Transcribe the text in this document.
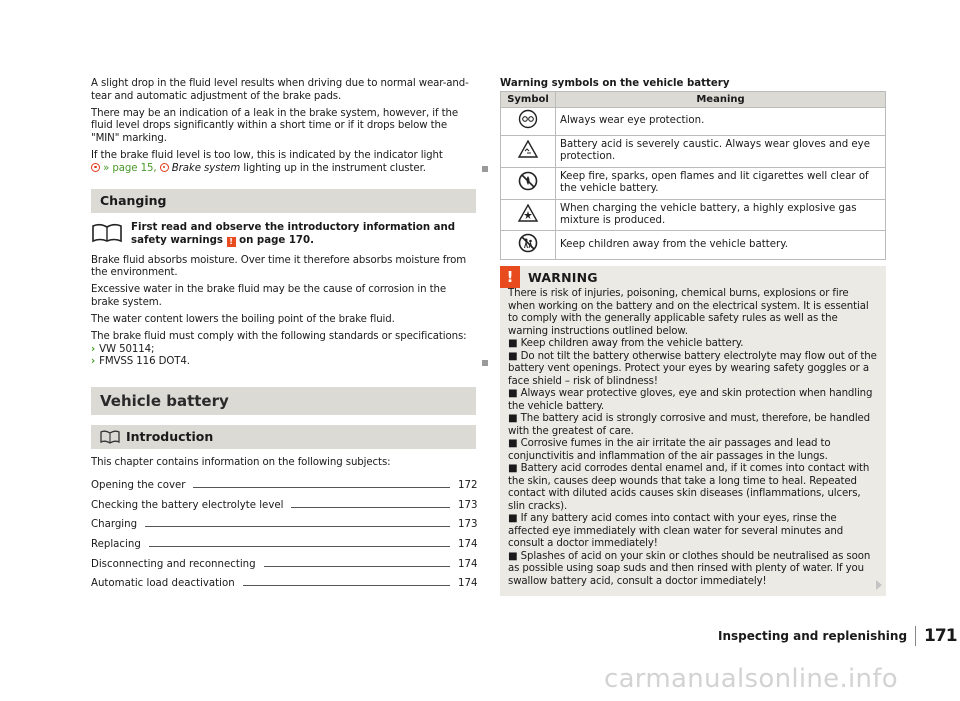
A slight drop in the fluid level results when driving due to normal wear-and-tear and automatic adjustment of the brake pads.

There may be an indication of a leak in the brake system, however, if the fluid level drops significantly within a short time or if it drops below the "MIN" marking.

If the brake fluid level is too low, this is indicated by the indicator light
» page 15, Brake system lighting up in the instrument cluster.

Changing
First read and observe the introductory information and safety warnings ! on page 170.

Brake fluid absorbs moisture. Over time it therefore absorbs moisture from the environment.

Excessive water in the brake fluid may be the cause of corrosion in the brake system.

The water content lowers the boiling point of the brake fluid.

The brake fluid must comply with the following standards or specifications:
› VW 50114;
› FMVSS 116 DOT4.

Vehicle battery
Introduction

This chapter contains information on the following subjects:

Opening the cover	172
Checking the battery electrolyte level	173
Charging	173
Replacing	174
Disconnecting and reconnecting	174
Automatic load deactivation	174
Warning symbols on the vehicle battery
Symbol	Meaning
	Always wear eye protection.
	Battery acid is severely caustic. Always wear gloves and eye protection.
	Keep fire, sparks, open flames and lit cigarettes well clear of the vehicle battery.
	When charging the vehicle battery, a highly explosive gas mixture is produced.
	Keep children away from the vehicle battery.
!	WARNING

There is risk of injuries, poisoning, chemical burns, explosions or fire when working on the battery and on the electrical system. It is essential to comply with the generally applicable safety rules as well as the warning instructions outlined below.

■ Keep children away from the vehicle battery.

■ Do not tilt the battery otherwise battery electrolyte may flow out of the battery vent openings. Protect your eyes by wearing safety goggles or a face shield – risk of blindness!

■ Always wear protective gloves, eye and skin protection when handling the vehicle battery.

■ The battery acid is strongly corrosive and must, therefore, be handled with the greatest of care.

■ Corrosive fumes in the air irritate the air passages and lead to conjunctivitis and inflammation of the air passages in the lungs.

■ Battery acid corrodes dental enamel and, if it comes into contact with the skin, causes deep wounds that take a long time to heal. Repeated contact with diluted acids causes skin diseases (inflammations, ulcers, slin cracks).

■ If any battery acid comes into contact with your eyes, rinse the affected eye immediately with clean water for several minutes and consult a doctor immediately!

■ Splashes of acid on your skin or clothes should be neutralised as soon as possible using soap suds and then rinsed with plenty of water. If you swallow battery acid, consult a doctor immediately!

Inspecting and replenishing	171
carmanualsonline.info
